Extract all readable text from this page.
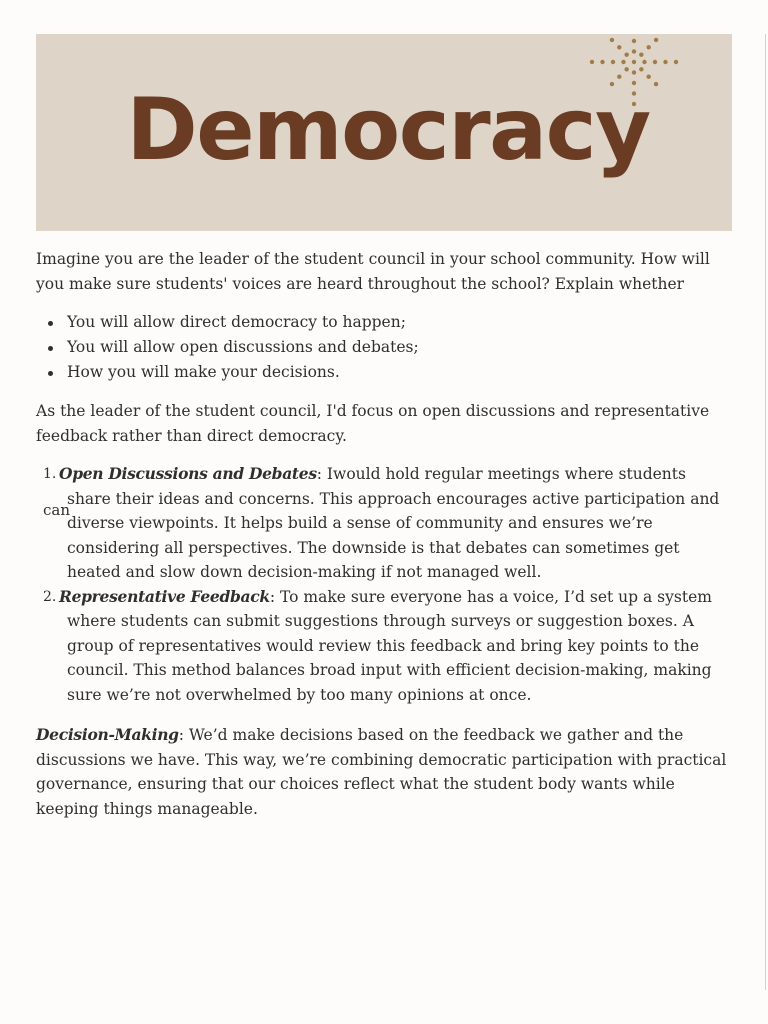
Democracy

Imagine you are the leader of the student council in your school community. How will you make sure students' voices are heard throughout the school? Explain whether

You will allow direct democracy to happen;
You will allow open discussions and debates;
How you will make your decisions.

As the leader of the student council, I'd focus on open discussions and representative feedback rather than direct democracy.

1.
can
Open Discussions and Debates: Iwould hold regular meetings where students share their ideas and concerns. This approach encourages active participation and diverse viewpoints. It helps build a sense of community and ensures we’re considering all perspectives. The downside is that debates can sometimes get heated and slow down decision-making if not managed well.
2. Representative Feedback: To make sure everyone has a voice, I’d set up a system where students can submit suggestions through surveys or suggestion boxes. A group of representatives would review this feedback and bring key points to the council. This method balances broad input with efficient decision-making, making sure we’re not overwhelmed by too many opinions at once.

Decision-Making: We’d make decisions based on the feedback we gather and the discussions we have. This way, we’re combining democratic participation with practical governance, ensuring that our choices reflect what the student body wants while keeping things manageable.
